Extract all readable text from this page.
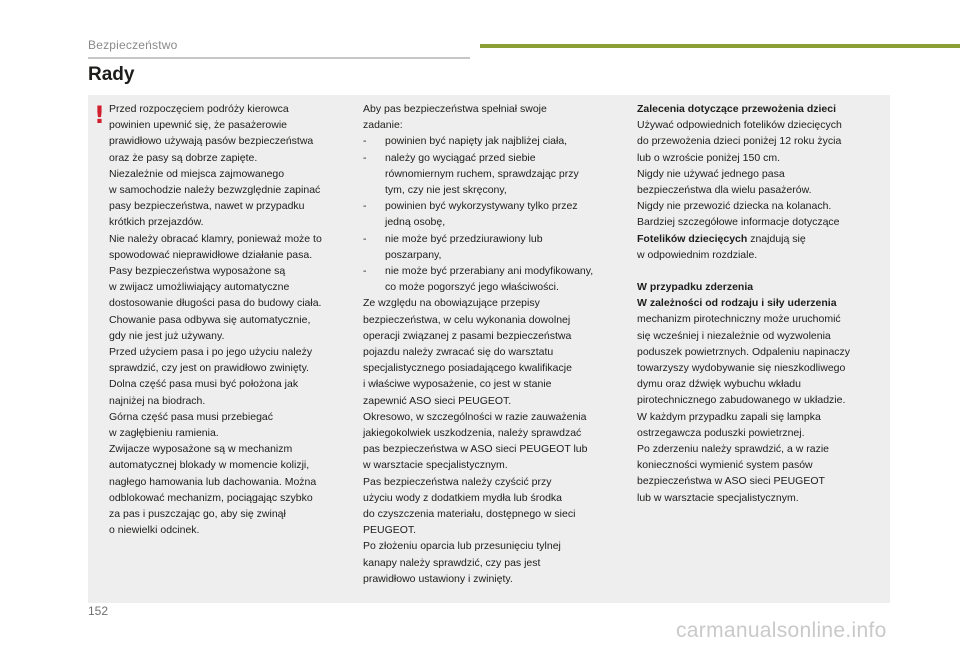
Bezpieczeństwo
Rady
! Przed rozpoczęciem podróży kierowca

powinien upewnić się, że pasażerowie

prawidłowo używają pasów bezpieczeństwa

oraz że pasy są dobrze zapięte.

Niezależnie od miejsca zajmowanego

w samochodzie należy bezwzględnie zapinać

pasy bezpieczeństwa, nawet w przypadku

krótkich przejazdów.

Nie należy obracać klamry, ponieważ może to

spowodować nieprawidłowe działanie pasa.

Pasy bezpieczeństwa wyposażone są

w zwijacz umożliwiający automatyczne

dostosowanie długości pasa do budowy ciała.

Chowanie pasa odbywa się automatycznie,

gdy nie jest już używany.

Przed użyciem pasa i po jego użyciu należy

sprawdzić, czy jest on prawidłowo zwinięty.

Dolna część pasa musi być położona jak

najniżej na biodrach.

Górna część pasa musi przebiegać

w zagłębieniu ramienia.

Zwijacze wyposażone są w mechanizm

automatycznej blokady w momencie kolizji,

nagłego hamowania lub dachowania. Można

odblokować mechanizm, pociągając szybko

za pas i puszczając go, aby się zwinął

o niewielki odcinek.

Aby pas bezpieczeństwa spełniał swoje

zadanie:

- powinien być napięty jak najbliżej ciała,
- należy go wyciągać przed siebie
równomiernym ruchem, sprawdzając przy
tym, czy nie jest skręcony,
- powinien być wykorzystywany tylko przez
jedną osobę,
- nie może być przedziurawiony lub
poszarpany,
- nie może być przerabiany ani modyfikowany,
co może pogorszyć jego właściwości.

Ze względu na obowiązujące przepisy

bezpieczeństwa, w celu wykonania dowolnej

operacji związanej z pasami bezpieczeństwa

pojazdu należy zwracać się do warsztatu

specjalistycznego posiadającego kwalifikacje

i właściwe wyposażenie, co jest w stanie

zapewnić ASO sieci PEUGEOT.

Okresowo, w szczególności w razie zauważenia

jakiegokolwiek uszkodzenia, należy sprawdzać

pas bezpieczeństwa w ASO sieci PEUGEOT lub

w warsztacie specjalistycznym.

Pas bezpieczeństwa należy czyścić przy

użyciu wody z dodatkiem mydła lub środka

do czyszczenia materiału, dostępnego w sieci

PEUGEOT.

Po złożeniu oparcia lub przesunięciu tylnej

kanapy należy sprawdzić, czy pas jest

prawidłowo ustawiony i zwinięty.

Zalecenia dotyczące przewożenia dzieci

Używać odpowiednich fotelików dziecięcych

do przewożenia dzieci poniżej 12 roku życia

lub o wzroście poniżej 150 cm.

Nigdy nie używać jednego pasa

bezpieczeństwa dla wielu pasażerów.

Nigdy nie przewozić dziecka na kolanach.

Bardziej szczegółowe informacje dotyczące

Fotelików dziecięcych znajdują się

w odpowiednim rozdziale.

W przypadku zderzenia

W zależności od rodzaju i siły uderzenia

mechanizm pirotechniczny może uruchomić

się wcześniej i niezależnie od wyzwolenia

poduszek powietrznych. Odpaleniu napinaczy

towarzyszy wydobywanie się nieszkodliwego

dymu oraz dźwięk wybuchu wkładu

pirotechnicznego zabudowanego w układzie.

W każdym przypadku zapali się lampka

ostrzegawcza poduszki powietrznej.

Po zderzeniu należy sprawdzić, a w razie

konieczności wymienić system pasów

bezpieczeństwa w ASO sieci PEUGEOT

lub w warsztacie specjalistycznym.

152
carmanualsonline.info
